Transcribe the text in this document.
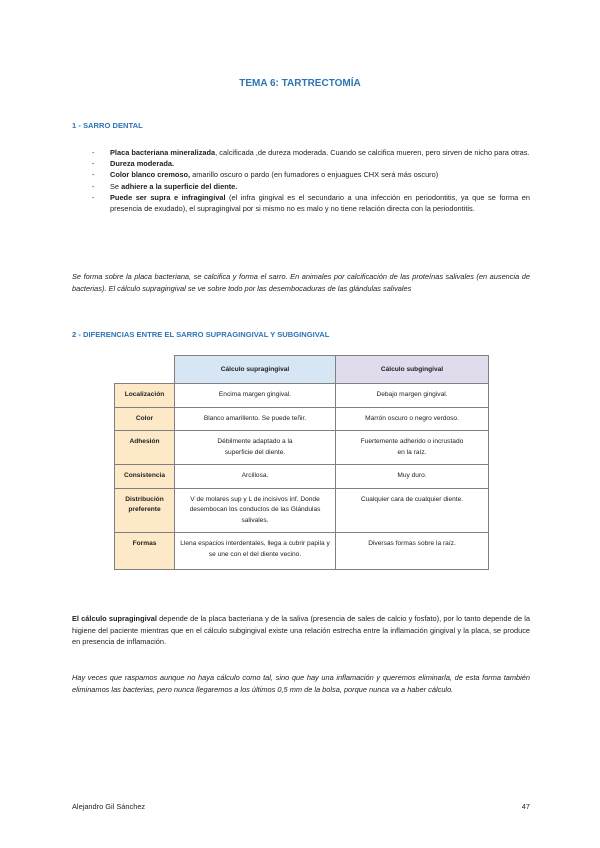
TEMA 6: TARTRECTOMÍA
1 - SARRO DENTAL
- Placa bacteriana mineralizada, calcificada ,de dureza moderada. Cuando se calcifica mueren, pero sirven de nicho para otras.
- Dureza moderada.
- Color blanco cremoso, amarillo oscuro o pardo (en fumadores o enjuagues CHX será más oscuro)
- Se adhiere a la superficie del diente.
- Puede ser supra e infragingival (el infra gingival es el secundario a una infección en periodontitis, ya que se forma en presencia de exudado), el supragingival por si mismo no es malo y no tiene relación directa con la periodontitis.
Se forma sobre la placa bacteriana, se calcifica y forma el sarro. En animales por calcificación de las proteínas salivales (en ausencia de bacterias). El cálculo supragingival se ve sobre todo por las desembocaduras de las glándulas salivales
2 - DIFERENCIAS ENTRE EL SARRO SUPRAGINGIVAL Y SUBGINGIVAL
	Cálculo supragingival	Cálculo subgingival
Localización	Encima margen gingival.	Debajo margen gingival.
Color	Blanco amarillento. Se puede teñir.	Marrón oscuro o negro verdoso.
Adhesión	Débilmente adaptado a la superficie del diente.	Fuertemente adherido o incrustado en la raíz.
Consistencia	Arcillosa.	Muy duro.
Distribución preferente	V de molares sup y L de incisivos inf. Donde desembocan los conductos de las Glándulas salivales.	Cualquier cara de cualquier diente.
Formas	Llena espacios interdentales, llega a cubrir papila y se une con el del diente vecino.	Diversas formas sobre la raíz.
El cálculo supragingival depende de la placa bacteriana y de la saliva (presencia de sales de calcio y fosfato), por lo tanto depende de la higiene del paciente mientras que en el cálculo subgingival existe una relación estrecha entre la inflamación gingival y la placa, se produce en presencia de inflamación.
Hay veces que raspamos aunque no haya cálculo como tal, sino que hay una inflamación y queremos eliminarla, de esta forma también eliminamos las bacterias, pero nunca llegaremos a los últimos 0,5 mm de la bolsa, porque nunca va a haber cálculo.
Alejandro Gil Sánchez	47
